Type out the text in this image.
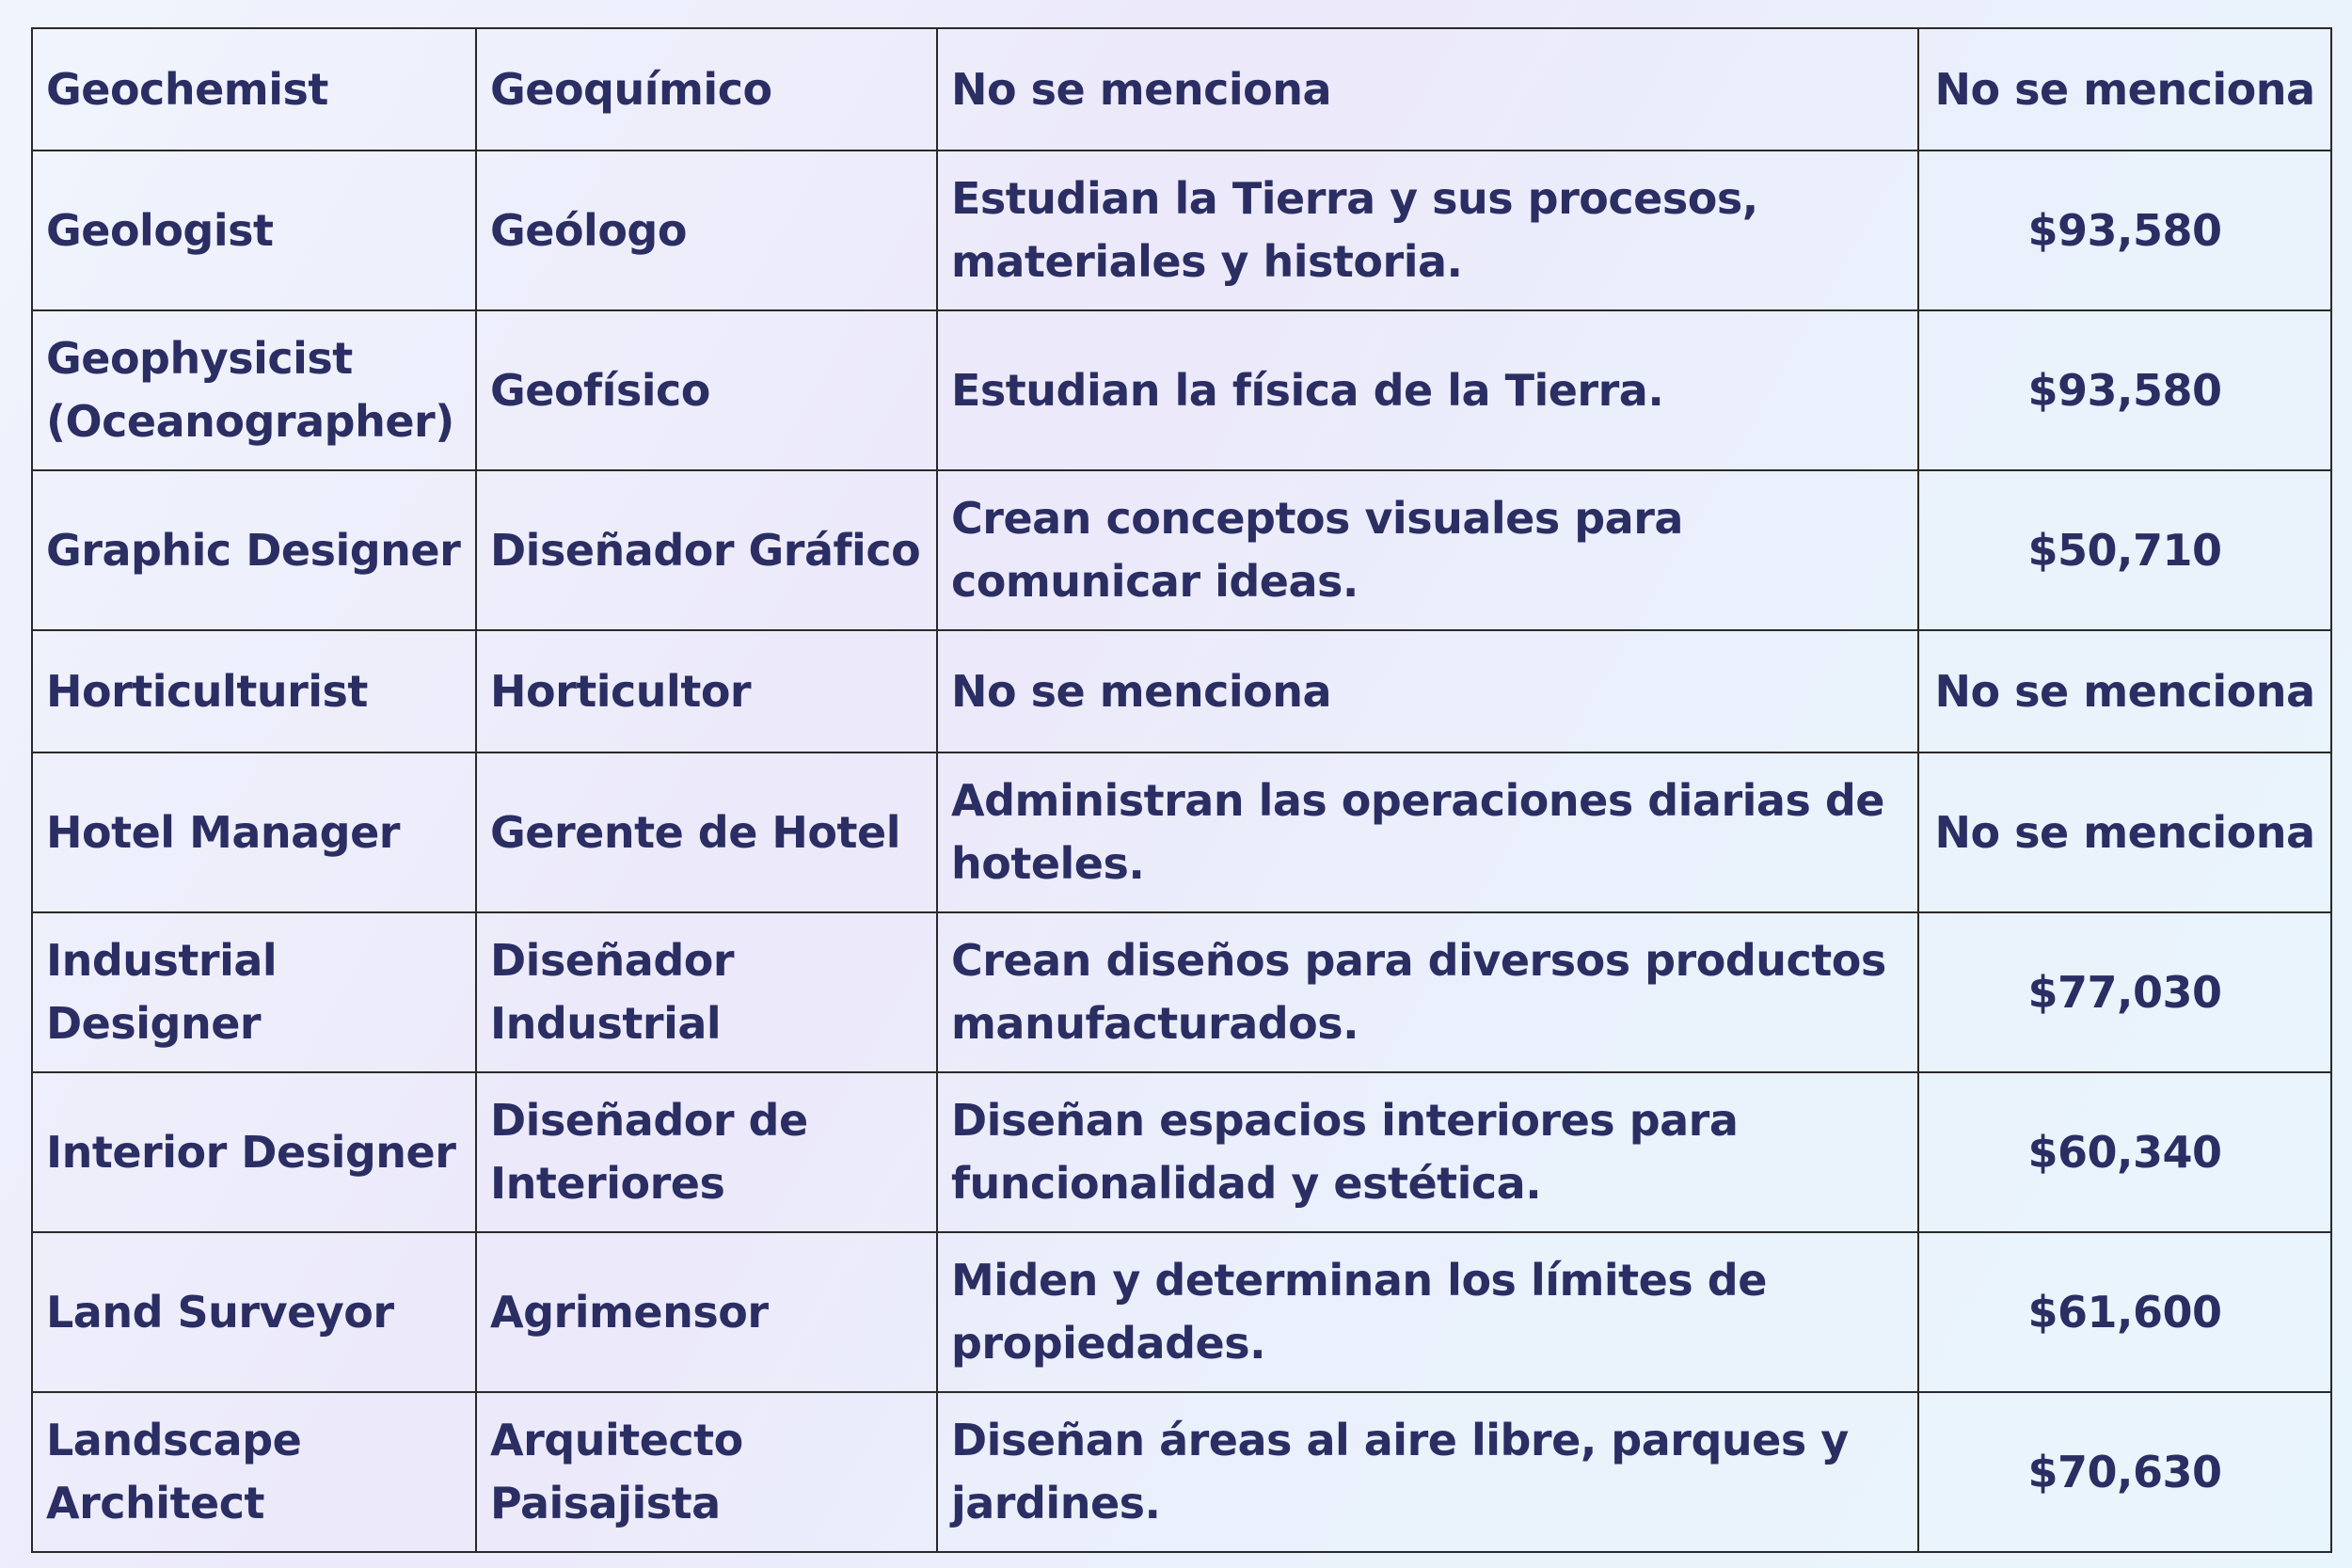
Geochemist	Geoquímico	No se menciona	No se menciona
Geologist	Geólogo	Estudian la Tierra y sus procesos, materiales y historia.	$93,580
Geophysicist (Oceanographer)	Geofísico	Estudian la física de la Tierra.	$93,580
Graphic Designer	Diseñador Gráfico	Crean conceptos visuales para comunicar ideas.	$50,710
Horticulturist	Horticultor	No se menciona	No se menciona
Hotel Manager	Gerente de Hotel	Administran las operaciones diarias de hoteles.	No se menciona
Industrial Designer	Diseñador Industrial	Crean diseños para diversos productos manufacturados.	$77,030
Interior Designer	Diseñador de Interiores	Diseñan espacios interiores para funcionalidad y estética.	$60,340
Land Surveyor	Agrimensor	Miden y determinan los límites de propiedades.	$61,600
Landscape Architect	Arquitecto Paisajista	Diseñan áreas al aire libre, parques y jardines.	$70,630
